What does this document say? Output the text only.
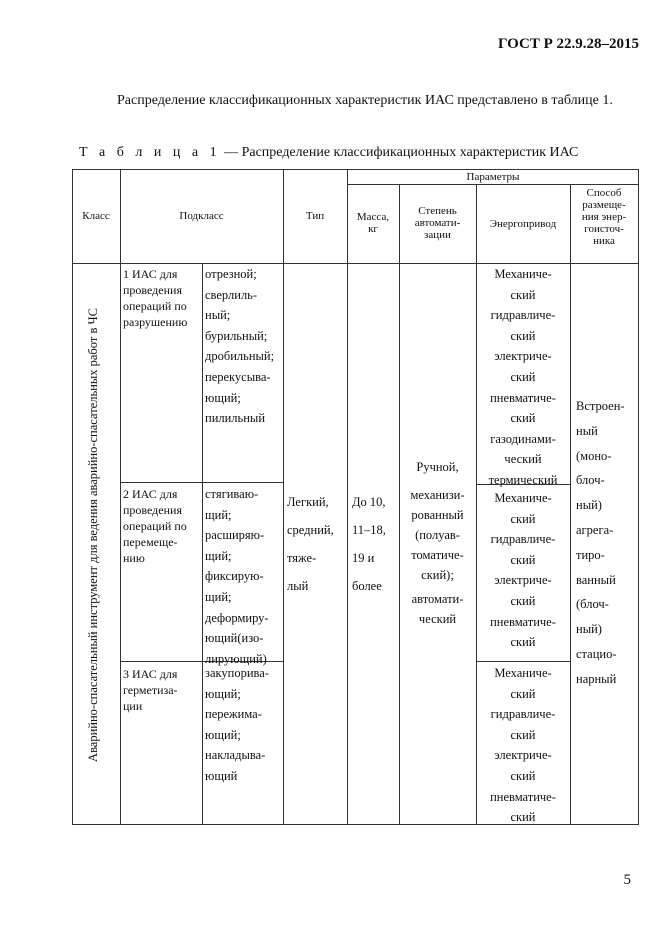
ГОСТ Р 22.9.28–2015
Распределение классификационных характеристик ИАС представлено в таблице 1.
Т а б л и ц а 1 — Распределение классификационных характеристик ИАС
Класс	Подкласс	Тип
Параметры
Масса,
кг
Степень
автомати-
зации
Энергопривод
Способ
размеще-
ния энер-
гоисточ-
ника
Аварийно-спасательный инструмент для ведения аварийно-спасательных работ в ЧС
1 ИАС для
проведения
операций по
разрушению
отрезной;
сверлиль-
ный;
бурильный;
дробильный;
перекусыва-
ющий;
пилильный
Механиче-
ский
гидравличе-
ский
электриче-
ский
пневматиче-
ский
газодинами-
ческий
термический
2 ИАС для
проведения
операций по
перемеще-
нию
стягиваю-
щий;
расширяю-
щий;
фиксирую-
щий;
деформиру-
ющий(изо-
лирующий)
Механиче-
ский
гидравличе-
ский
электриче-
ский
пневматиче-
ский
3 ИАС для
герметиза-
ции
закупорива-
ющий;
пережима-
ющий;
накладыва-
ющий
Механиче-
ский
гидравличе-
ский
электриче-
ский
пневматиче-
ский
Легкий,
средний,
тяже-
лый
До 10,
11–18,
19 и
более
Ручной,
механизи-
рованный
(полуав-
томатиче-
ский);
автомати-
ческий
Встроен-
ный
(моно-
блоч-
ный)
агрега-
тиро-
ванный
(блоч-
ный)
стацио-
нарный
5
